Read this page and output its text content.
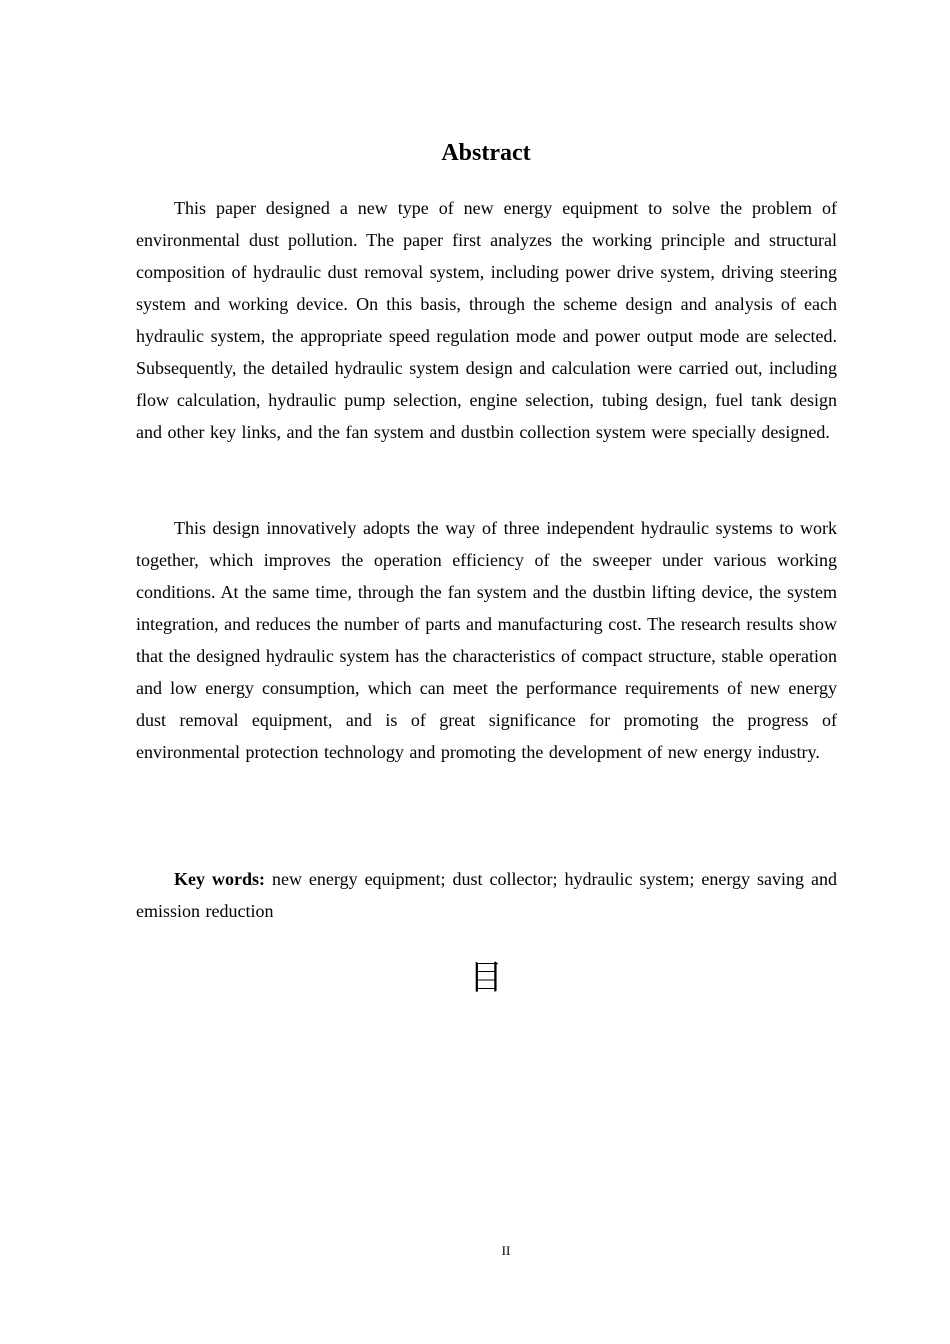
Abstract

This paper designed a new type of new energy equipment to solve the problem of environmental dust pollution. The paper first analyzes the working principle and structural composition of hydraulic dust removal system, including power drive system, driving steering system and working device. On this basis, through the scheme design and analysis of each hydraulic system, the appropriate speed regulation mode and power output mode are selected. Subsequently, the detailed hydraulic system design and calculation were carried out, including flow calculation, hydraulic pump selection, engine selection, tubing design, fuel tank design and other key links, and the fan system and dustbin collection system were specially designed.

This design innovatively adopts the way of three independent hydraulic systems to work together, which improves the operation efficiency of the sweeper under various working conditions. At the same time, through the fan system and the dustbin lifting device, the system integration, and reduces the number of parts and manufacturing cost. The research results show that the designed hydraulic system has the characteristics of compact structure, stable operation and low energy consumption, which can meet the performance requirements of new energy dust removal equipment, and is of great significance for promoting the progress of environmental protection technology and promoting the development of new energy industry.

Key words: new energy equipment; dust collector; hydraulic system; energy saving and emission reduction

目
II
